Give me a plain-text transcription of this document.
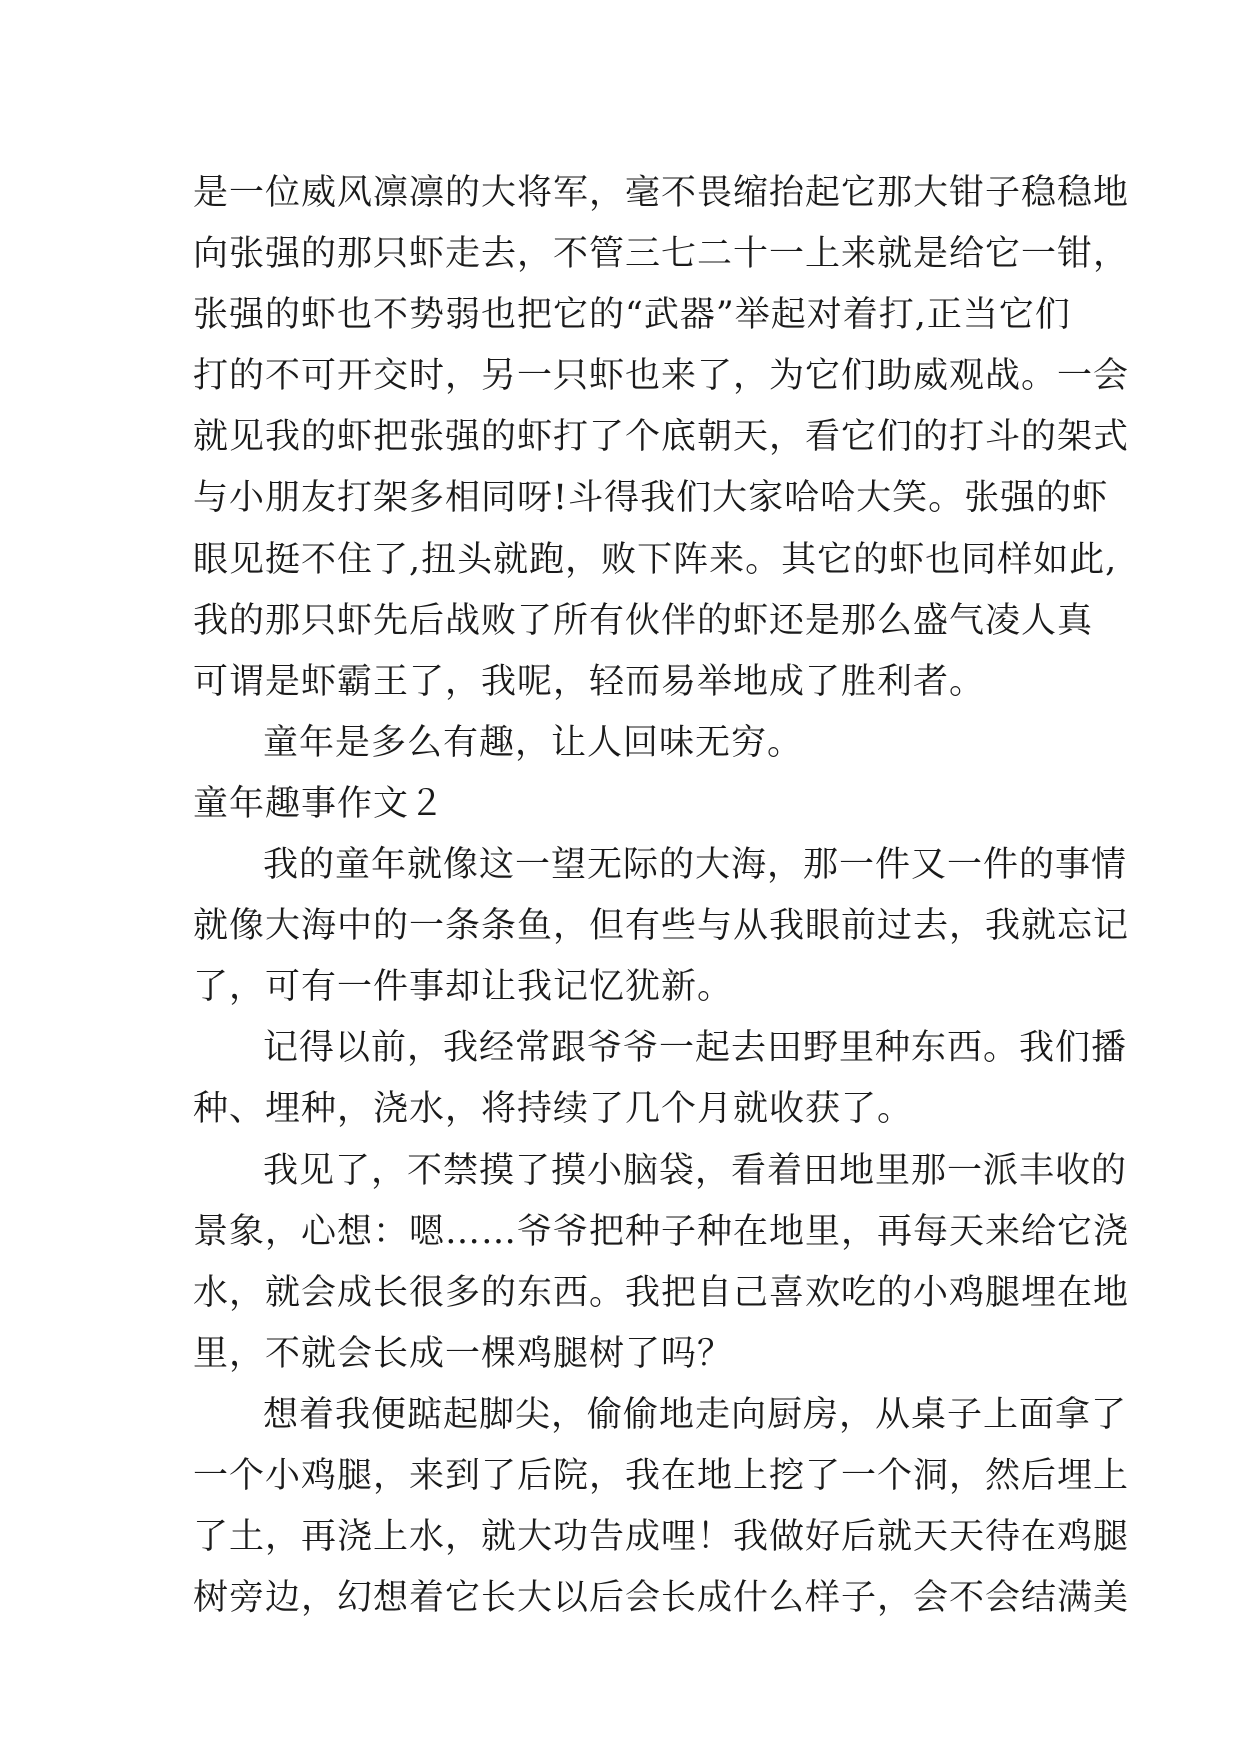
是一位威风凛凛的大将军，毫不畏缩抬起它那大钳子稳稳地
向张强的那只虾走去，不管三七二十一上来就是给它一钳，
张强的虾也不势弱也把它的“武器”举起对着打,正当它们
打的不可开交时，另一只虾也来了，为它们助威观战。一会
就见我的虾把张强的虾打了个底朝天，看它们的打斗的架式
与小朋友打架多相同呀!斗得我们大家哈哈大笑。张强的虾
眼见挺不住了,扭头就跑，败下阵来。其它的虾也同样如此,
我的那只虾先后战败了所有伙伴的虾还是那么盛气凌人真
可谓是虾霸王了，我呢，轻而易举地成了胜利者。
童年是多么有趣，让人回味无穷。
童年趣事作文２
我的童年就像这一望无际的大海，那一件又一件的事情
就像大海中的一条条鱼，但有些与从我眼前过去，我就忘记
了，可有一件事却让我记忆犹新。
记得以前，我经常跟爷爷一起去田野里种东西。我们播
种、埋种，浇水，将持续了几个月就收获了。
我见了，不禁摸了摸小脑袋，看着田地里那一派丰收的
景象，心想：嗯……爷爷把种子种在地里，再每天来给它浇
水，就会成长很多的东西。我把自己喜欢吃的小鸡腿埋在地
里，不就会长成一棵鸡腿树了吗？
想着我便踮起脚尖，偷偷地走向厨房，从桌子上面拿了
一个小鸡腿，来到了后院，我在地上挖了一个洞，然后埋上
了土，再浇上水，就大功告成哩！我做好后就天天待在鸡腿
树旁边，幻想着它长大以后会长成什么样子，会不会结满美
